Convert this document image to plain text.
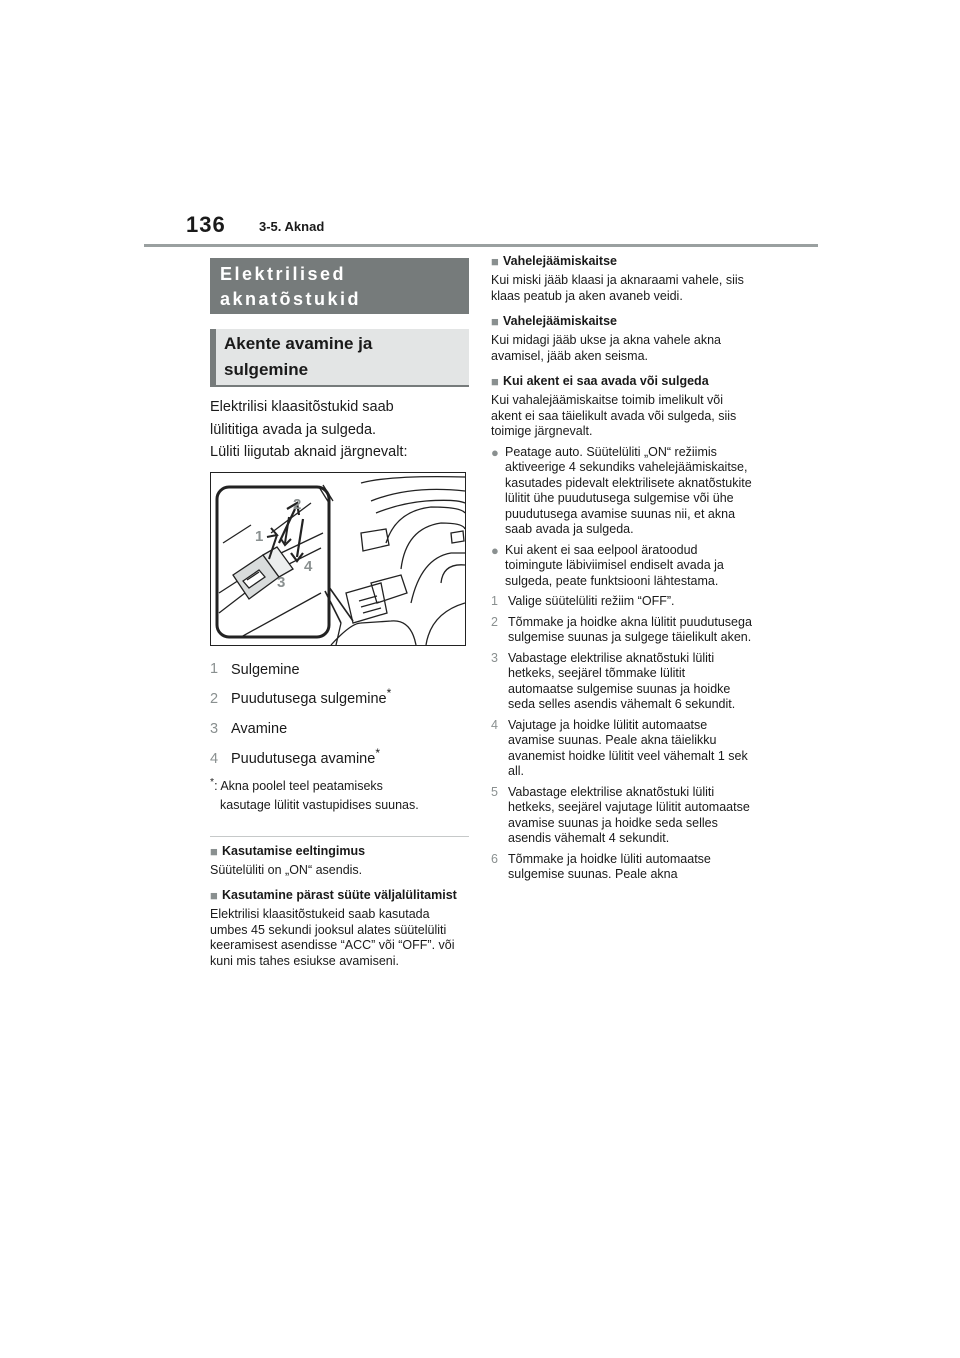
136	3-5. Aknad
Elektrilised
aknatõstukid
Akente avamine ja
sulgemine
Elektrilisi klaasitõstukid saab
lülititiga avada ja sulgeda.
Lüliti liigutab aknaid järgnevalt:
1
2
3
4
1 Sulgemine
2 Puudutusega sulgemine*
3 Avamine
4 Puudutusega avamine*
*: Akna poolel teel peatamiseks
kasutage lülitit vastupidises suunas.
■ Kasutamise eeltingimus
Süütelüliti on „ON“ asendis.
■ Kasutamine pärast süüte väljalülitamist
Elektrilisi klaasitõstukeid saab kasutada umbes 45 sekundi jooksul alates süütelüliti keeramisest asendisse “ACC” või “OFF”. või kuni mis tahes esiukse avamiseni.
■ Vahelejäämiskaitse
Kui miski jääb klaasi ja aknaraami vahele, siis klaas peatub ja aken avaneb veidi.
■ Vahelejäämiskaitse
Kui midagi jääb ukse ja akna vahele akna avamisel, jääb aken seisma.
■ Kui akent ei saa avada või sulgeda
Kui vahalejäämiskaitse toimib imelikult või akent ei saa täielikult avada või sulgeda, siis toimige järgnevalt.
● Peatage auto. Süütelüliti „ON“ režiimis aktiveerige 4 sekundiks vahelejäämiskaitse, kasutades pidevalt elektrilisete aknatõstukite lülitit ühe puudutusega sulgemise või ühe puudutusega avamise suunas nii, et akna saab avada ja sulgeda.
● Kui akent ei saa eelpool äratoodud toimingute läbiviimisel endiselt avada ja sulgeda, peate funktsiooni lähtestama.
1 Valige süütelüliti režiim “OFF”.
2 Tõmmake ja hoidke akna lülitit puudutusega sulgemise suunas ja sulgege täielikult aken.
3 Vabastage elektrilise aknatõstuki lüliti hetkeks, seejärel tõmmake lülitit automaatse sulgemise suunas ja hoidke seda selles asendis vähemalt 6 sekundit.
4 Vajutage ja hoidke lülitit automaatse avamise suunas. Peale akna täielikku avanemist hoidke lülitit veel vähemalt 1 sek all.
5 Vabastage elektrilise aknatõstuki lüliti hetkeks, seejärel vajutage lülitit automaatse avamise suunas ja hoidke seda selles asendis vähemalt 4 sekundit.
6 Tõmmake ja hoidke lüliti automaatse sulgemise suunas. Peale akna
